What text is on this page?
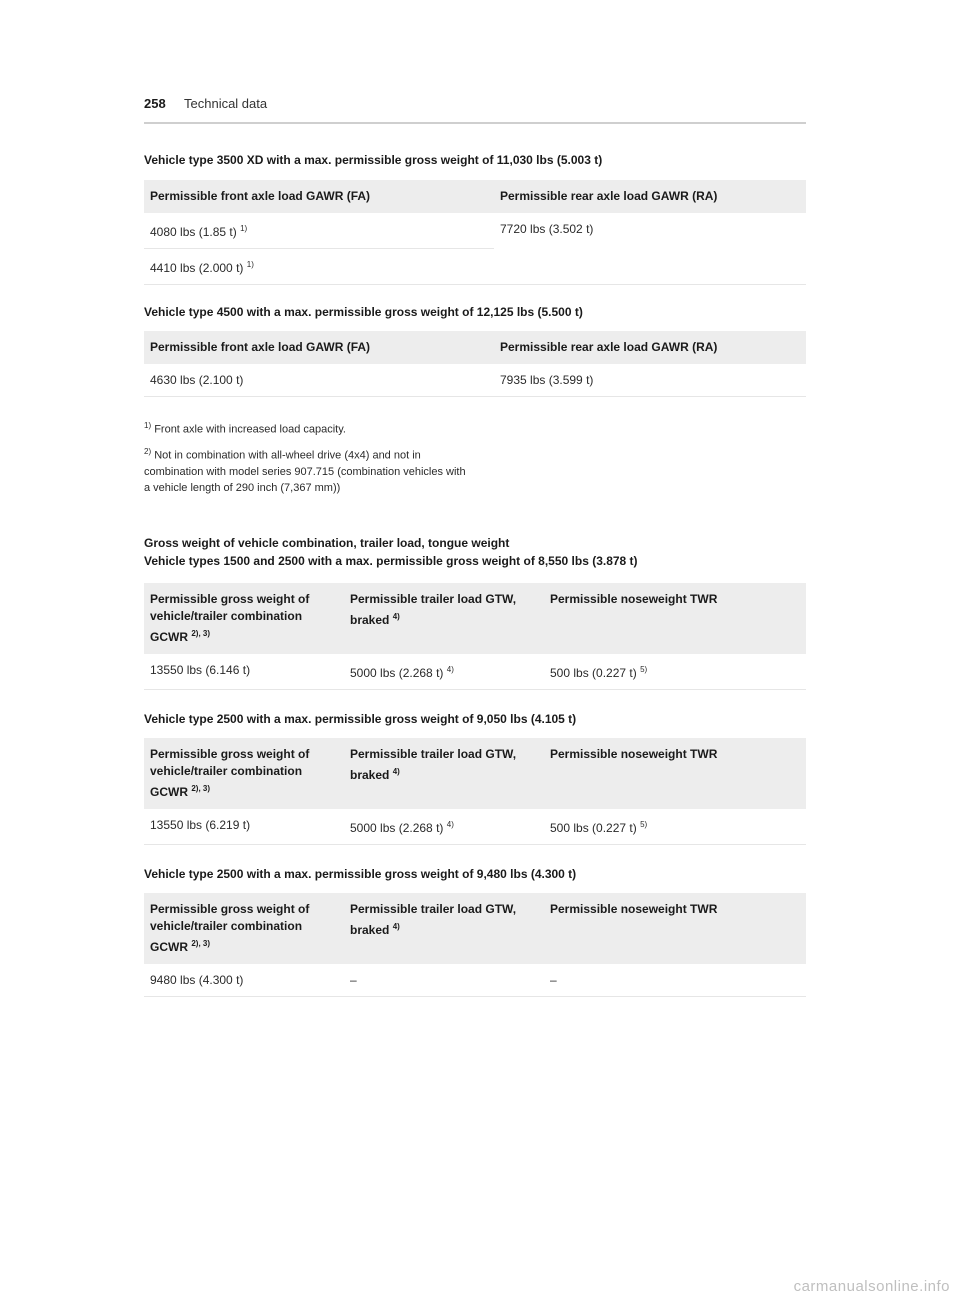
258 Technical data
Vehicle type 3500 XD with a max. permissible gross weight of 11,030 lbs (5.003 t)
Permissible front axle load GAWR (FA)	Permissible rear axle load GAWR (RA)
4080 lbs (1.85 t) $^{1)}$	7720 lbs (3.502 t)
4410 lbs (2.000 t) $^{1)}$
Vehicle type 4500 with a max. permissible gross weight of 12,125 lbs (5.500 t)
Permissible front axle load GAWR (FA)	Permissible rear axle load GAWR (RA)
4630 lbs (2.100 t)	7935 lbs (3.599 t)
$^{1)}$ Front axle with increased load capacity.
$^{2)}$ Not in combination with all-wheel drive (4x4) and not in combination with model series 907.715 (combination vehicles with a vehicle length of 290 inch (7,367 mm))
Gross weight of vehicle combination, trailer load, tongue weight
Vehicle types 1500 and 2500 with a max. permissible gross weight of 8,550 lbs (3.878 t)
Permissible gross weight of vehicle/trailer combination GCWR $^{2), 3)}$	Permissible trailer load GTW, braked $^{4)}$	Permissible noseweight TWR
13550 lbs (6.146 t)	5000 lbs (2.268 t) $^{4)}$	500 lbs (0.227 t) $^{5)}$
Vehicle type 2500 with a max. permissible gross weight of 9,050 lbs (4.105 t)
Permissible gross weight of vehicle/trailer combination GCWR $^{2), 3)}$	Permissible trailer load GTW, braked $^{4)}$	Permissible noseweight TWR
13550 lbs (6.219 t)	5000 lbs (2.268 t) $^{4)}$	500 lbs (0.227 t) $^{5)}$
Vehicle type 2500 with a max. permissible gross weight of 9,480 lbs (4.300 t)
Permissible gross weight of vehicle/trailer combination GCWR $^{2), 3)}$	Permissible trailer load GTW, braked $^{4)}$	Permissible noseweight TWR
9480 lbs (4.300 t)	–	–
carmanualsonline.info
